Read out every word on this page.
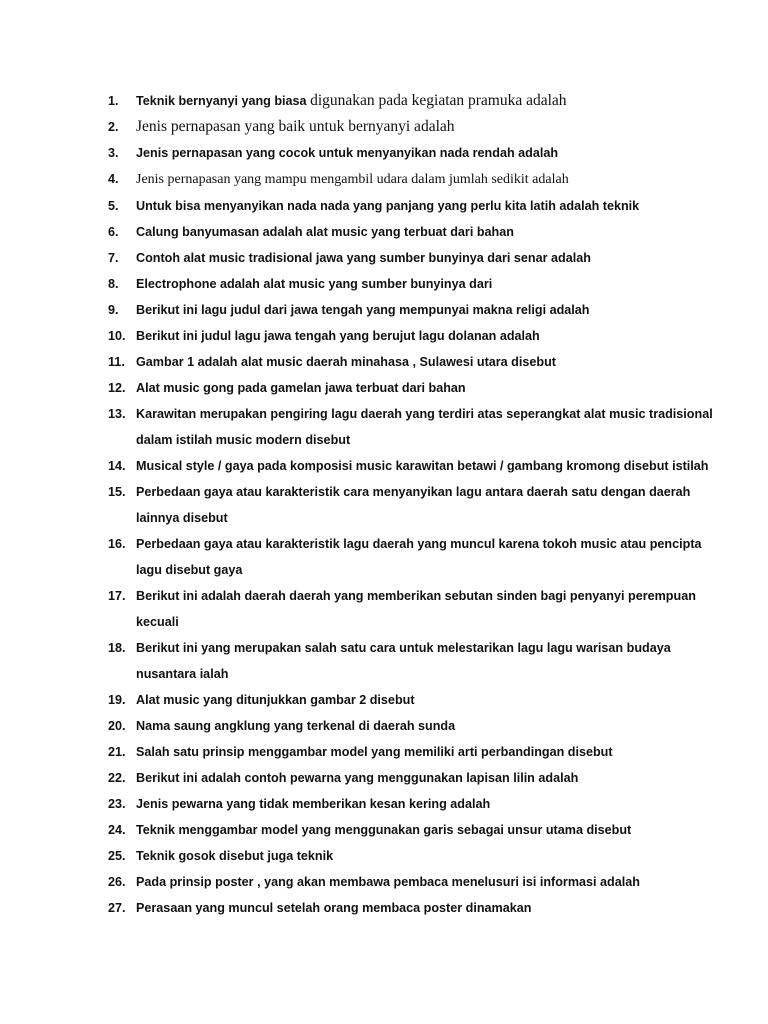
1.	Teknik bernyanyi yang biasa digunakan pada kegiatan pramuka adalah
2.	Jenis pernapasan yang baik untuk bernyanyi adalah
3.	Jenis pernapasan yang cocok untuk menyanyikan nada rendah adalah
4.	Jenis pernapasan yang mampu mengambil udara dalam jumlah sedikit adalah
5.	Untuk bisa menyanyikan nada nada yang panjang yang perlu kita latih adalah teknik
6.	Calung banyumasan adalah alat music yang terbuat dari bahan
7.	Contoh alat music tradisional jawa yang sumber bunyinya dari senar adalah
8.	Electrophone adalah alat music yang sumber bunyinya dari
9.	Berikut ini lagu judul dari jawa tengah yang mempunyai makna religi adalah
10. Berikut ini judul lagu jawa tengah yang berujut lagu dolanan adalah
11. Gambar 1 adalah alat music daerah minahasa , Sulawesi utara disebut
12. Alat music gong pada gamelan jawa terbuat dari bahan
13. Karawitan merupakan pengiring lagu daerah yang terdiri atas seperangkat alat music tradisional
dalam istilah music modern disebut
14. Musical style / gaya pada komposisi music karawitan betawi / gambang kromong disebut istilah
15. Perbedaan gaya atau karakteristik cara menyanyikan lagu antara daerah satu dengan daerah
lainnya disebut
16. Perbedaan gaya atau karakteristik lagu daerah yang muncul karena tokoh music atau pencipta
lagu disebut gaya
17. Berikut ini adalah daerah daerah yang memberikan sebutan sinden bagi penyanyi perempuan
kecuali
18. Berikut ini yang merupakan salah satu cara untuk melestarikan lagu lagu warisan budaya
nusantara ialah
19. Alat music yang ditunjukkan gambar 2 disebut
20. Nama saung angklung yang terkenal di daerah sunda
21. Salah satu prinsip menggambar model yang memiliki arti perbandingan disebut
22. Berikut ini adalah contoh pewarna yang menggunakan lapisan lilin adalah
23. Jenis pewarna yang tidak memberikan kesan kering adalah
24. Teknik menggambar model yang menggunakan garis sebagai unsur utama disebut
25. Teknik gosok disebut juga teknik
26. Pada prinsip poster , yang akan membawa pembaca menelusuri isi informasi adalah
27. Perasaan yang muncul setelah orang membaca poster dinamakan
